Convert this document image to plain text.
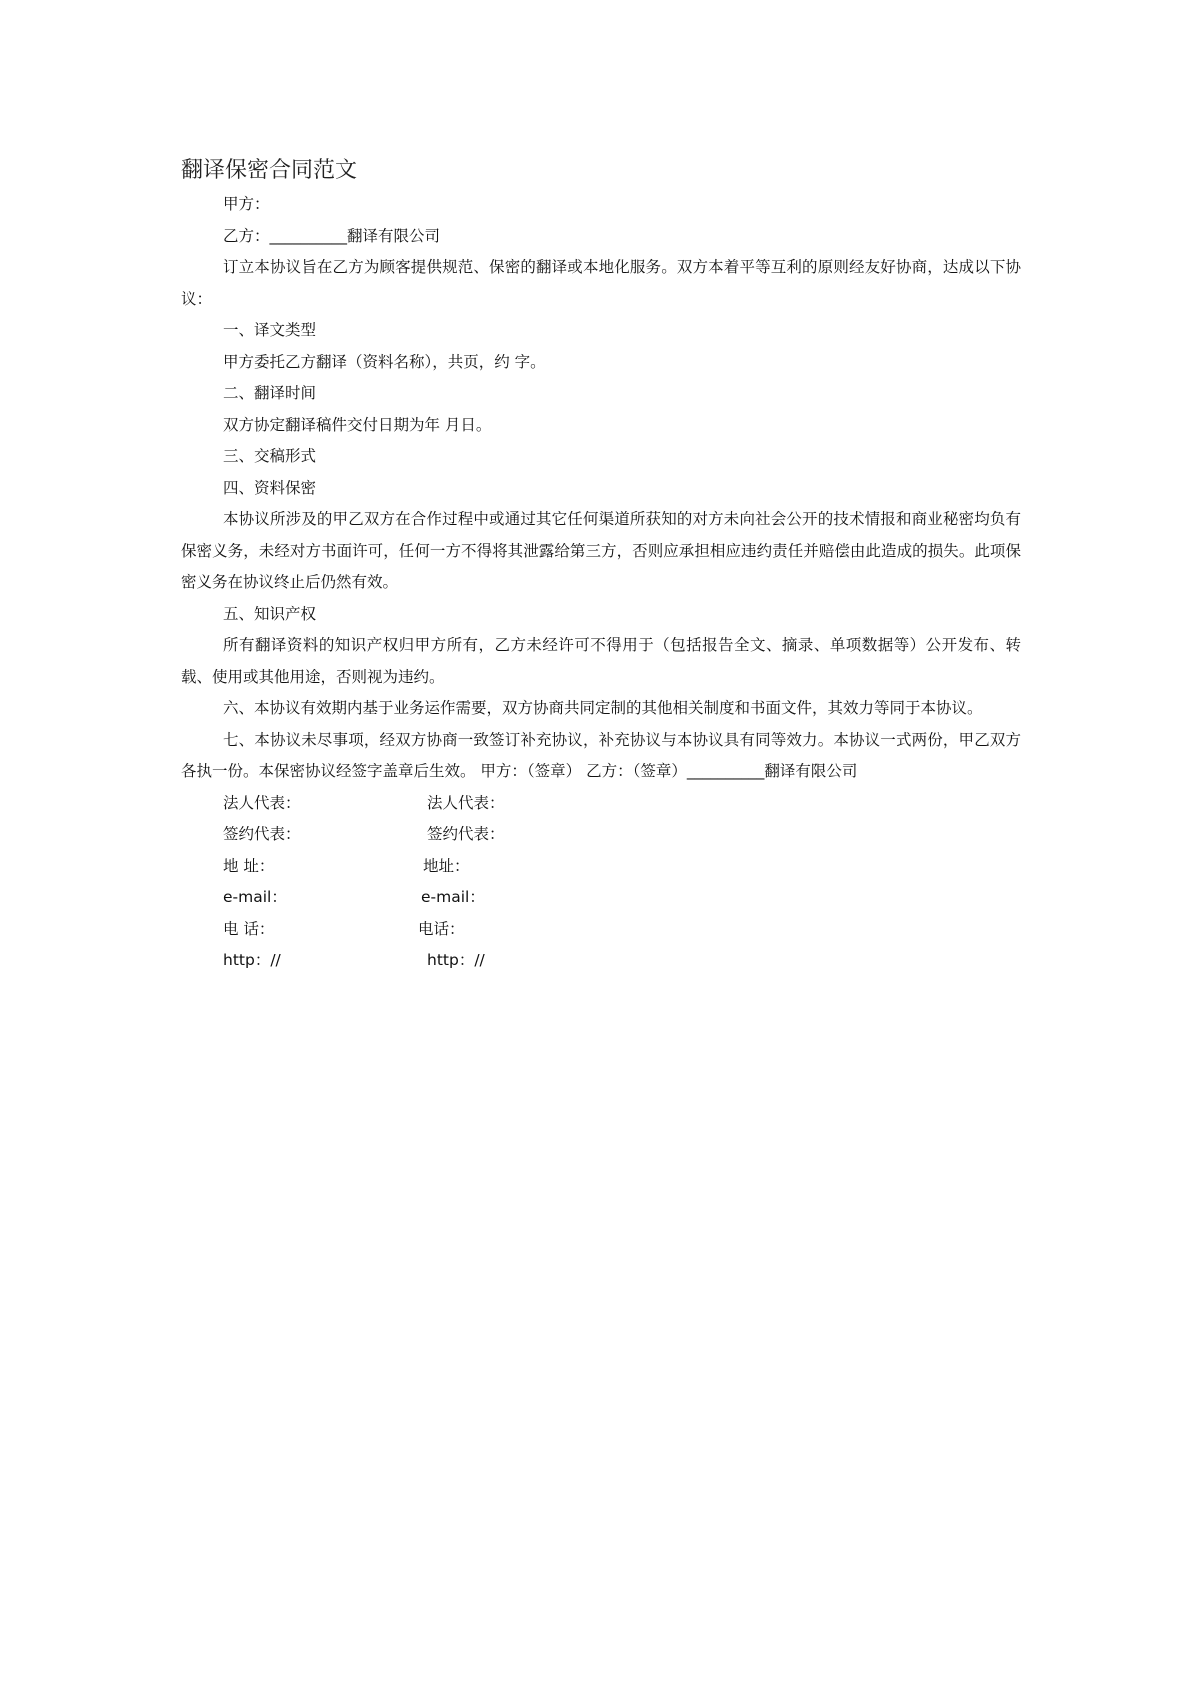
翻译保密合同范文

甲方：

乙方：__________翻译有限公司

订立本协议旨在乙方为顾客提供规范、保密的翻译或本地化服务。双方本着平等互利的原则经友好协商，达成以下协议：

一、译文类型

甲方委托乙方翻译（资料名称），共页，约 字。

二、翻译时间

双方协定翻译稿件交付日期为年 月日。

三、交稿形式

四、资料保密

本协议所涉及的甲乙双方在合作过程中或通过其它任何渠道所获知的对方未向社会公开的技术情报和商业秘密均负有保密义务，未经对方书面许可，任何一方不得将其泄露给第三方，否则应承担相应违约责任并赔偿由此造成的损失。此项保密义务在协议终止后仍然有效。

五、知识产权

所有翻译资料的知识产权归甲方所有，乙方未经许可不得用于（包括报告全文、摘录、单项数据等）公开发布、转载、使用或其他用途，否则视为违约。

六、本协议有效期内基于业务运作需要，双方协商共同定制的其他相关制度和书面文件，其效力等同于本协议。

七、本协议未尽事项，经双方协商一致签订补充协议，补充协议与本协议具有同等效力。本协议一式两份，甲乙双方各执一份。本保密协议经签字盖章后生效。 甲方：（签章） 乙方：（签章）__________翻译有限公司

法人代表：	法人代表：
签约代表：	签约代表：
地 址：	地址：
e-mail：	e-mail：
电 话：	电话：
http：//	http：//
